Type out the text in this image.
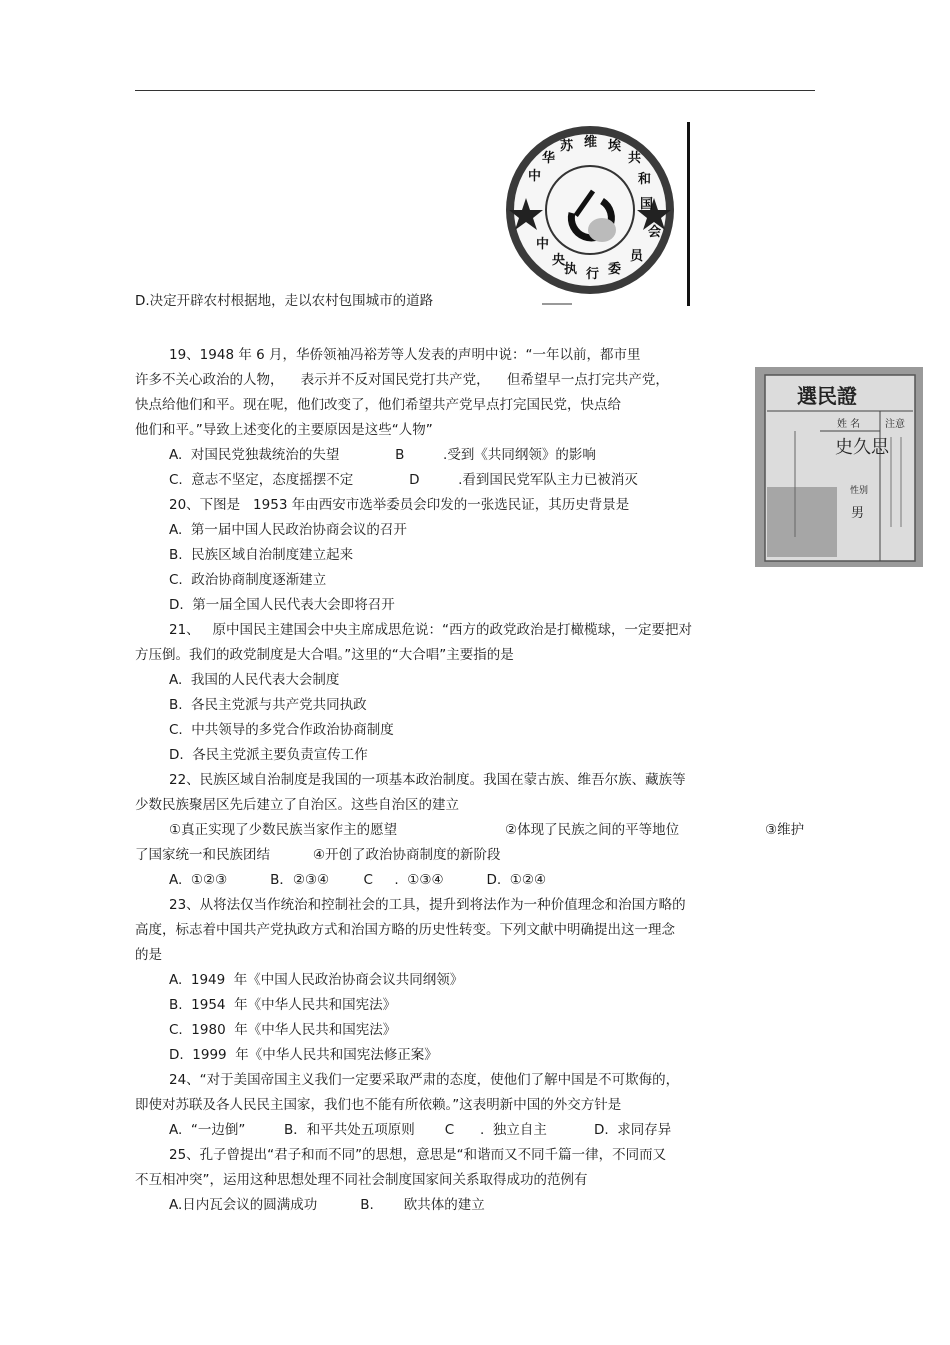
华
苏 维 埃
共
和
国
中
会
员
委
行
执
中
央
選民證
姓 名 注意
史久思
性别
男
D.决定开辟农村根据地，走以农村包围城市的道路
19、1948 年 6 月，华侨领袖冯裕芳等人发表的声明中说：“一年以前，都市里
许多不关心政治的人物，    表示并不反对国民党打共产党，    但希望早一点打完共产党，
快点给他们和平。现在呢，他们改变了，他们希望共产党早点打完国民党，快点给
他们和平。”导致上述变化的主要原因是这些“人物”
A.  对国民党独裁统治的失望             B         .受到《共同纲领》的影响
C.  意志不坚定，态度摇摆不定             D         .看到国民党军队主力已被消灭
20、下图是   1953 年由西安市选举委员会印发的一张选民证，其历史背景是
A.  第一届中国人民政治协商会议的召开
B.  民族区域自治制度建立起来
C.  政治协商制度逐渐建立
D.  第一届全国人民代表大会即将召开
21、   原中国民主建国会中央主席成思危说：“西方的政党政治是打橄榄球，一定要把对
方压倒。我们的政党制度是大合唱。”这里的“大合唱”主要指的是
A.  我国的人民代表大会制度
B.  各民主党派与共产党共同执政
C.  中共领导的多党合作政治协商制度
D.  各民主党派主要负责宣传工作
22、民族区域自治制度是我国的一项基本政治制度。我国在蒙古族、维吾尔族、藏族等
少数民族聚居区先后建立了自治区。这些自治区的建立
①真正实现了少数民族当家作主的愿望	②体现了民族之间的平等地位	③维护
了国家统一和民族团结          ④开创了政治协商制度的新阶段
A.  ①②③          B．②③④        C     .  ①③④          D.  ①②④
23、从将法仅当作统治和控制社会的工具，提升到将法作为一种价值理念和治国方略的
高度，标志着中国共产党执政方式和治国方略的历史性转变。下列文献中明确提出这一理念
的是
A.  1949  年《中国人民政治协商会议共同纲领》
B.  1954  年《中华人民共和国宪法》
C.  1980  年《中华人民共和国宪法》
D.  1999  年《中华人民共和国宪法修正案》
24、“对于美国帝国主义我们一定要采取严肃的态度，使他们了解中国是不可欺侮的，
即使对苏联及各人民民主国家，我们也不能有所依赖。”这表明新中国的外交方针是
A.  “一边倒”         B．和平共处五项原则       C      .  独立自主           D.  求同存异
25、孔子曾提出“君子和而不同”的思想，意思是“和谐而又不同千篇一律，不同而又
不互相冲突”，运用这种思想处理不同社会制度国家间关系取得成功的范例有
A.日内瓦会议的圆满成功          B.       欧共体的建立
